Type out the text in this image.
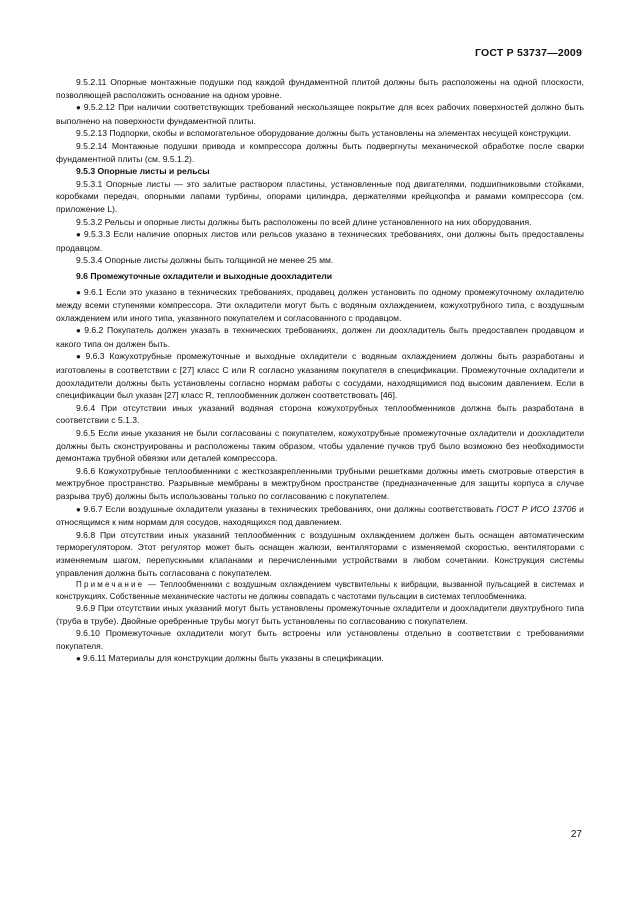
ГОСТ Р 53737—2009

9.5.2.11 Опорные монтажные подушки под каждой фундаментной плитой должны быть расположены на одной плоскости, позволяющей расположить основание на одном уровне.

● 9.5.2.12 При наличии соответствующих требований нескользящее покрытие для всех рабочих поверхностей должно быть выполнено на поверхности фундаментной плиты.

9.5.2.13 Подпорки, скобы и вспомогательное оборудование должны быть установлены на элементах несущей конструкции.

9.5.2.14 Монтажные подушки привода и компрессора должны быть подвергнуты механической обработке после сварки фундаментной плиты (см. 9.5.1.2).

9.5.3 Опорные листы и рельсы

9.5.3.1 Опорные листы — это залитые раствором пластины, установленные под двигателями, подшипниковыми стойками, коробками передач, опорными лапами турбины, опорами цилиндра, держателями крейцкопфа и рамами компрессора (см. приложение L).

9.5.3.2 Рельсы и опорные листы должны быть расположены по всей длине установленного на них оборудования.

● 9.5.3.3 Если наличие опорных листов или рельсов указано в технических требованиях, они должны быть предоставлены продавцом.

9.5.3.4 Опорные листы должны быть толщиной не менее 25 мм.

9.6 Промежуточные охладители и выходные доохладители

● 9.6.1 Если это указано в технических требованиях, продавец должен установить по одному промежуточному охладителю между всеми ступенями компрессора. Эти охладители могут быть с водяным охлаждением, кожухотрубного типа, с воздушным охлаждением или иного типа, указанного покупателем и согласованного с продавцом.

● 9.6.2 Покупатель должен указать в технических требованиях, должен ли доохладитель быть предоставлен продавцом и какого типа он должен быть.

● 9.6.3 Кожухотрубные промежуточные и выходные охладители с водяным охлаждением должны быть разработаны и изготовлены в соответствии с [27] класс С или R согласно указаниям покупателя в спецификации. Промежуточные охладители и доохладители должны быть установлены согласно нормам работы с сосудами, находящимися под высоким давлением. Если в спецификации был указан [27] класс R, теплообменник должен соответствовать [46].

9.6.4 При отсутствии иных указаний водяная сторона кожухотрубных теплообменников должна быть разработана в соответствии с 5.1.3.

9.6.5 Если иные указания не были согласованы с покупателем, кожухотрубные промежуточные охладители и доохладители должны быть сконструированы и расположены таким образом, чтобы удаление пучков труб было возможно без необходимости демонтажа трубной обвязки или деталей компрессора.

9.6.6 Кожухотрубные теплообменники с жесткозакрепленными трубными решетками должны иметь смотровые отверстия в межтрубное пространство. Разрывные мембраны в межтрубном пространстве (предназначенные для защиты корпуса в случае разрыва труб) должны быть использованы только по согласованию с покупателем.

● 9.6.7 Если воздушные охладители указаны в технических требованиях, они должны соответствовать ГОСТ Р ИСО 13706 и относящимся к ним нормам для сосудов, находящихся под давлением.

9.6.8 При отсутствии иных указаний теплообменник с воздушным охлаждением должен быть оснащен автоматическим терморегулятором. Этот регулятор может быть оснащен жалюзи, вентиляторами с изменяемой скоростью, вентиляторами с изменяемым шагом, перепускными клапанами и перечисленными устройствами в любом сочетании. Конструкция системы управления должна быть согласована с покупателем.

Примечание — Теплообменники с воздушным охлаждением чувствительны к вибрации, вызванной пульсацией в системах и конструкциях. Собственные механические частоты не должны совпадать с частотами пульсации в системах теплообменника.

9.6.9 При отсутствии иных указаний могут быть установлены промежуточные охладители и доохладители двухтрубного типа (труба в трубе). Двойные оребренные трубы могут быть установлены по согласованию с покупателем.

9.6.10 Промежуточные охладители могут быть встроены или установлены отдельно в соответствии с требованиями покупателя.

● 9.6.11 Материалы для конструкции должны быть указаны в спецификации.

27
